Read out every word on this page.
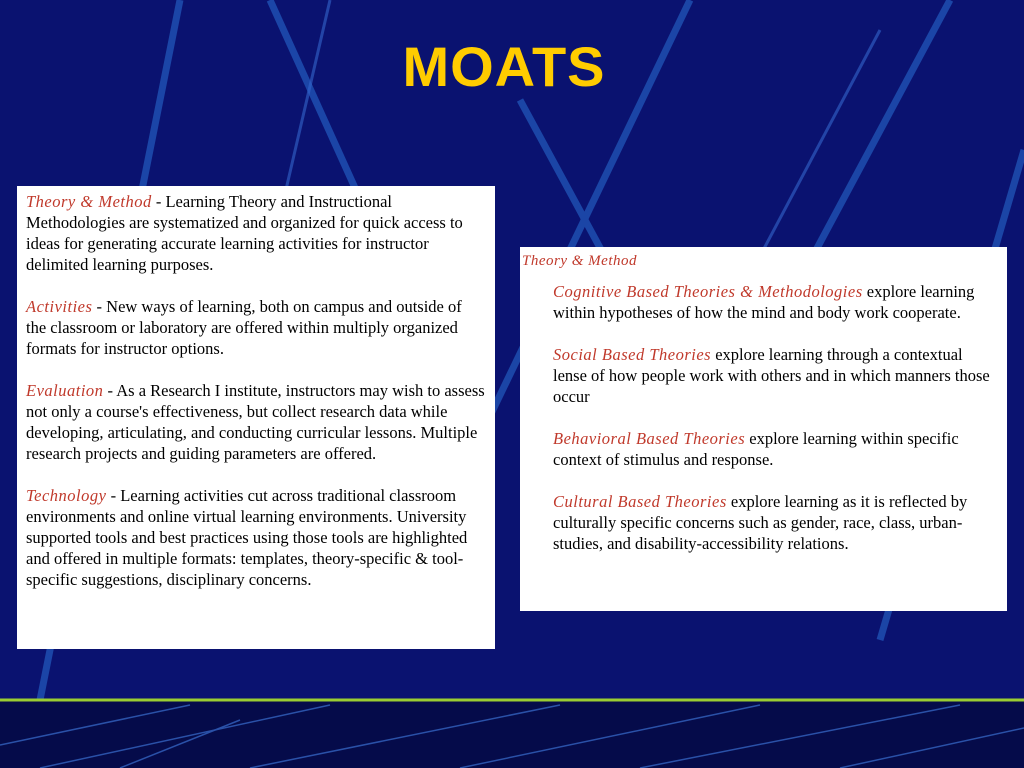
MOATS

Theory & Method - Learning Theory and Instructional Methodologies are systematized and organized for quick access to ideas for generating accurate learning activities for instructor delimited learning purposes.

Activities - New ways of learning, both on campus and outside of the classroom or laboratory are offered within multiply organized formats for instructor options.

Evaluation - As a Research I institute, instructors may wish to assess not only a course's effectiveness, but collect research data while developing, articulating, and conducting curricular lessons. Multiple research projects and guiding parameters are offered.

Technology - Learning activities cut across traditional classroom environments and online virtual learning environments. University supported tools and best practices using those tools are highlighted and offered in multiple formats: templates, theory-specific & tool-specific suggestions, disciplinary concerns.

Theory & Method

Cognitive Based Theories & Methodologies explore learning within hypotheses of how the mind and body work cooperate.

Social Based Theories explore learning through a contextual lense of how people work with others and in which manners those occur

Behavioral Based Theories explore learning within specific context of stimulus and response.

Cultural Based Theories explore learning as it is reflected by culturally specific concerns such as gender, race, class, urban-studies, and disability-accessibility relations.
